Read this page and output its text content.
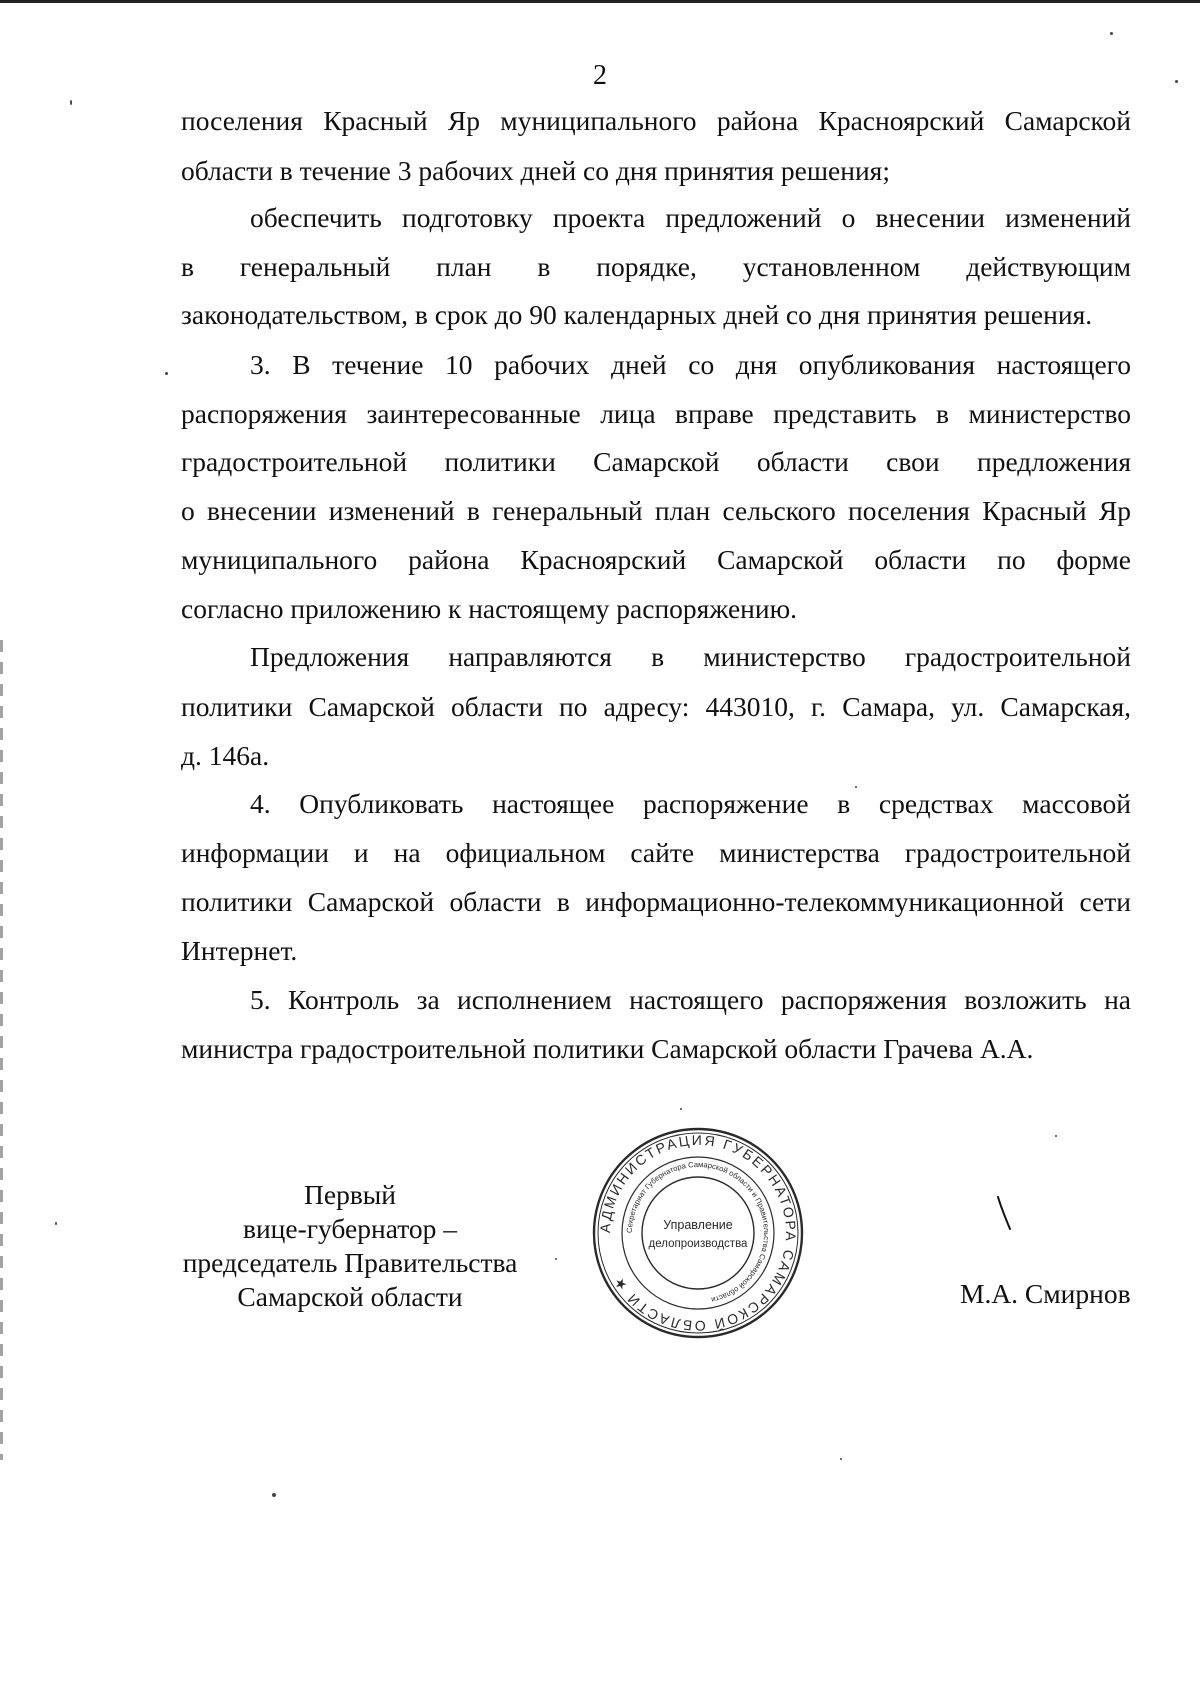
2
поселения Красный Яр муниципального района Красноярский Самарской
области в течение 3 рабочих дней со дня принятия решения;
обеспечить подготовку проекта предложений о внесении изменений
в генеральный план в порядке, установленном действующим
законодательством, в срок до 90 календарных дней со дня принятия решения.
3. В течение 10 рабочих дней со дня опубликования настоящего
распоряжения заинтересованные лица вправе представить в министерство
градостроительной политики Самарской области свои предложения
о внесении изменений в генеральный план сельского поселения Красный Яр
муниципального района Красноярский Самарской области по форме
согласно приложению к настоящему распоряжению.
Предложения направляются в министерство градостроительной
политики Самарской области по адресу: 443010, г. Самара, ул. Самарская,
д. 146а.
4. Опубликовать настоящее распоряжение в средствах массовой
информации и на официальном сайте министерства градостроительной
политики Самарской области в информационно-телекоммуникационной сети
Интернет.
5. Контроль за исполнением настоящего распоряжения возложить на
министра градостроительной политики Самарской области Грачева А.А.
Первый
вице-губернатор –
председатель Правительства
Самарской области	М.А. Смирнов
АДМИНИСТРАЦИЯ ГУБЕРНАТОРА САМАРСКОЙ ОБЛАСТИ ★
Секретариат Губернатора Самарской области и Правительства Самарской области
Управление
делопроизводства
